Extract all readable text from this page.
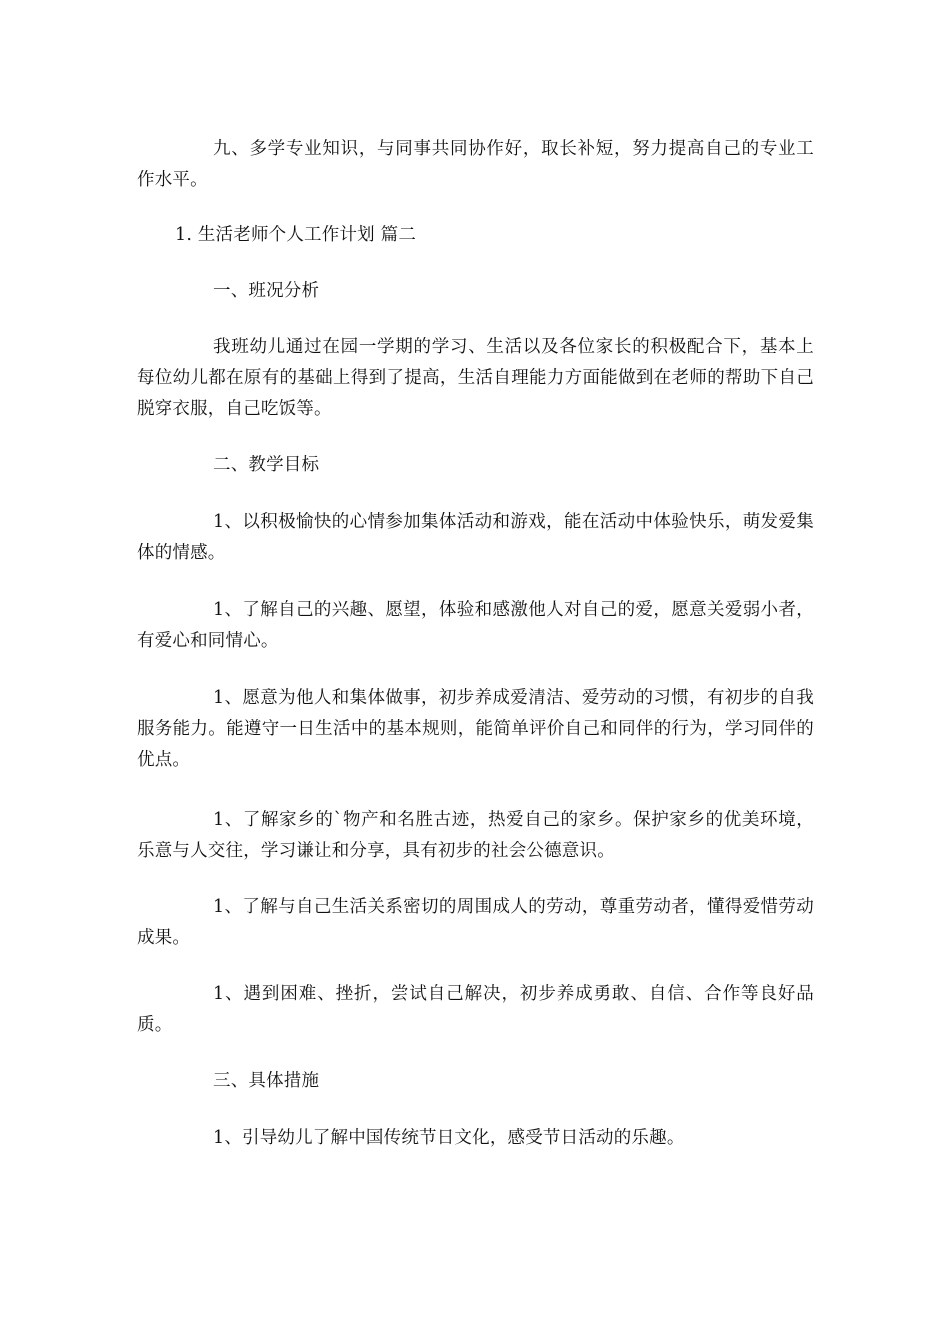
九、多学专业知识，与同事共同协作好，取长补短，努力提高自己的专业工作水平。

1. 生活老师个人工作计划 篇二

一、班况分析

我班幼儿通过在园一学期的学习、生活以及各位家长的积极配合下，基本上每位幼儿都在原有的基础上得到了提高，生活自理能力方面能做到在老师的帮助下自己脱穿衣服，自己吃饭等。

二、教学目标

1、以积极愉快的心情参加集体活动和游戏，能在活动中体验快乐，萌发爱集体的情感。

1、了解自己的兴趣、愿望，体验和感激他人对自己的爱，愿意关爱弱小者，有爱心和同情心。

1、愿意为他人和集体做事，初步养成爱清洁、爱劳动的习惯，有初步的自我服务能力。能遵守一日生活中的基本规则，能简单评价自己和同伴的行为，学习同伴的优点。

1、了解家乡的`物产和名胜古迹，热爱自己的家乡。保护家乡的优美环境，乐意与人交往，学习谦让和分享，具有初步的社会公德意识。

1、了解与自己生活关系密切的周围成人的劳动，尊重劳动者，懂得爱惜劳动成果。

1、遇到困难、挫折，尝试自己解决，初步养成勇敢、自信、合作等良好品质。

三、具体措施

1、引导幼儿了解中国传统节日文化，感受节日活动的乐趣。
